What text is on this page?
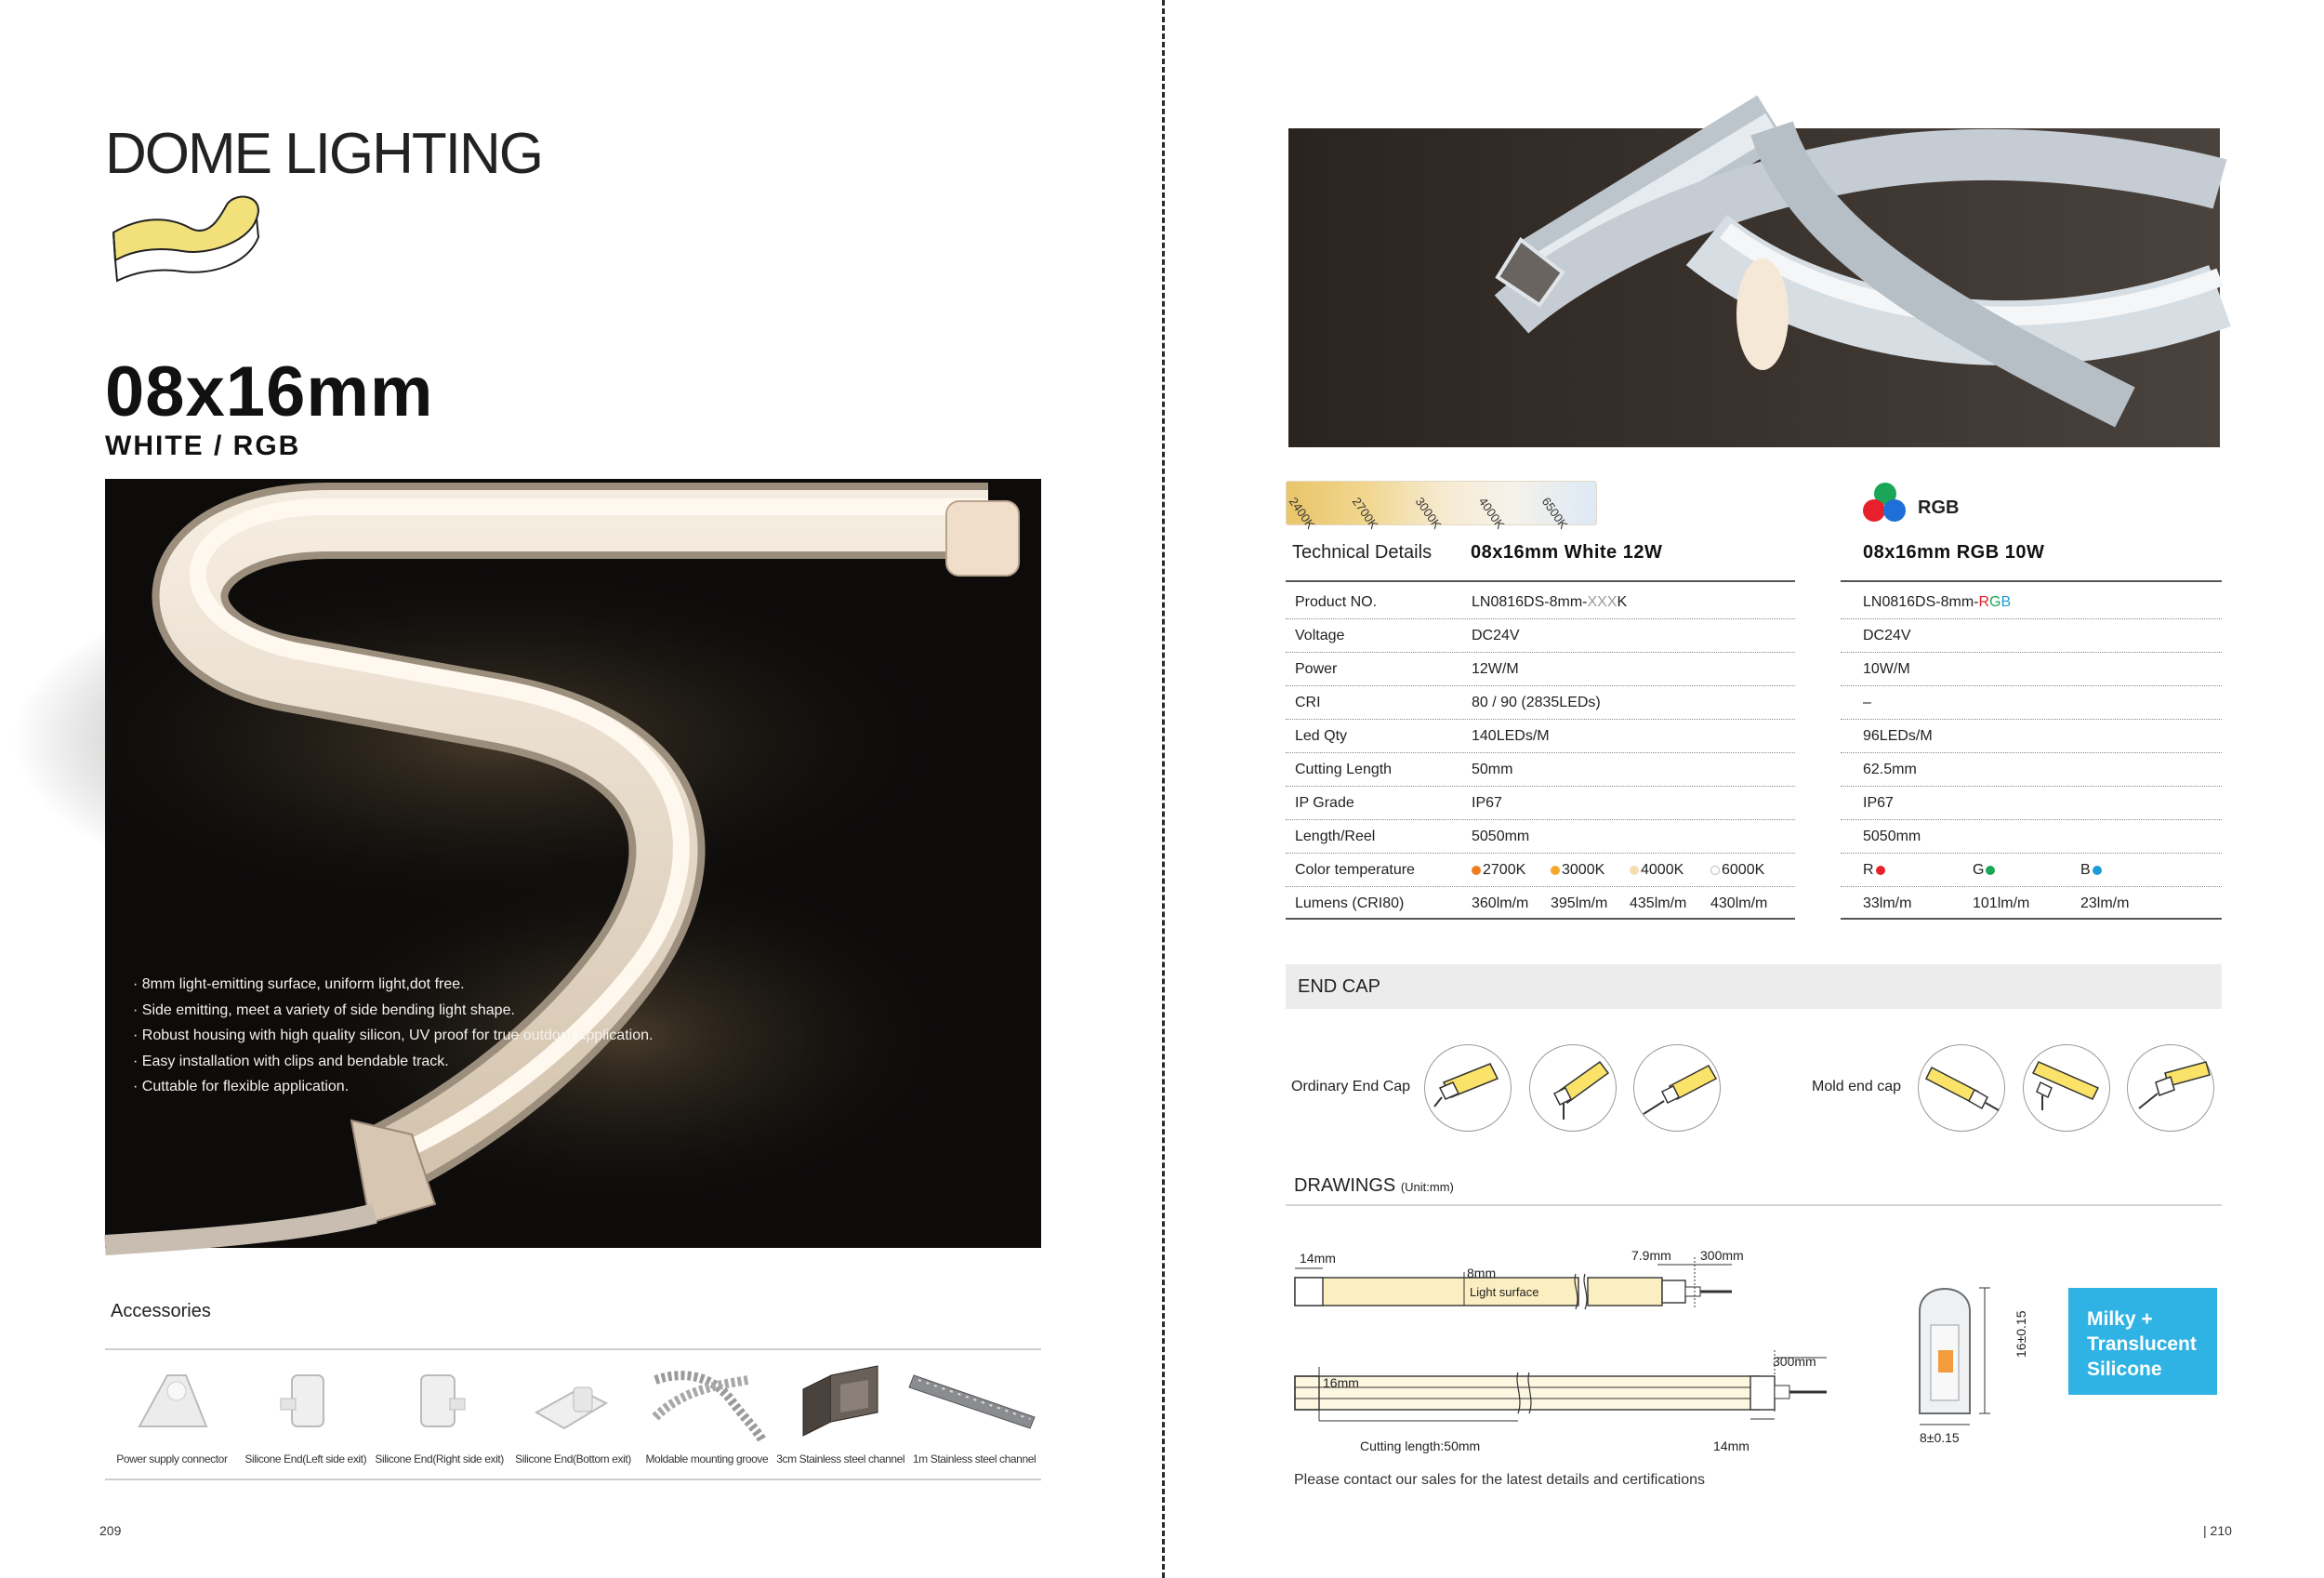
DOME LIGHTING
08x16mm
WHITE / RGB
· 8mm light-emitting surface, uniform light,dot free.
· Side emitting, meet a variety of side bending light shape.
· Robust housing with high quality silicon, UV proof for true outdoor application.
· Easy installation with clips and bendable track.
· Cuttable for flexible application.
Accessories
Power supply connector	Silicone End(Left side exit) Silicone End(Right side exit)	Silicone End(Bottom exit)	Moldable mounting groove 3cm Stainless steel channel 1m Stainless steel channel
209
2400K	2700K	3000K	4000K	6500K	RGB
Technical Details 08x16mm White 12W	08x16mm RGB 10W
Product NO.	LN0816DS-8mm-XXXK	LN0816DS-8mm-RGB
Voltage	DC24V	DC24V
Power	12W/M	10W/M
CRI	80 / 90 (2835LEDs)	–
Led Qty	140LEDs/M	96LEDs/M
Cutting Length	50mm	62.5mm
IP Grade	IP67	IP67
Length/Reel	5050mm	5050mm
Color temperature	2700K	3000K	4000K	6000K	R	G	B
Lumens (CRI80)	360lm/m 395lm/m 435lm/m 430lm/m	33lm/m	101lm/m	23lm/m
END CAP
Ordinary End Cap	Mold end cap
DRAWINGS (Unit:mm)
14mm
8mm
Light surface
7.9mm 300mm
16mm
300mm
Cutting length:50mm	14mm
16±0.15
8±0.15
Milky +
Translucent
Silicone
Please contact our sales for the latest details and certifications
| 210
